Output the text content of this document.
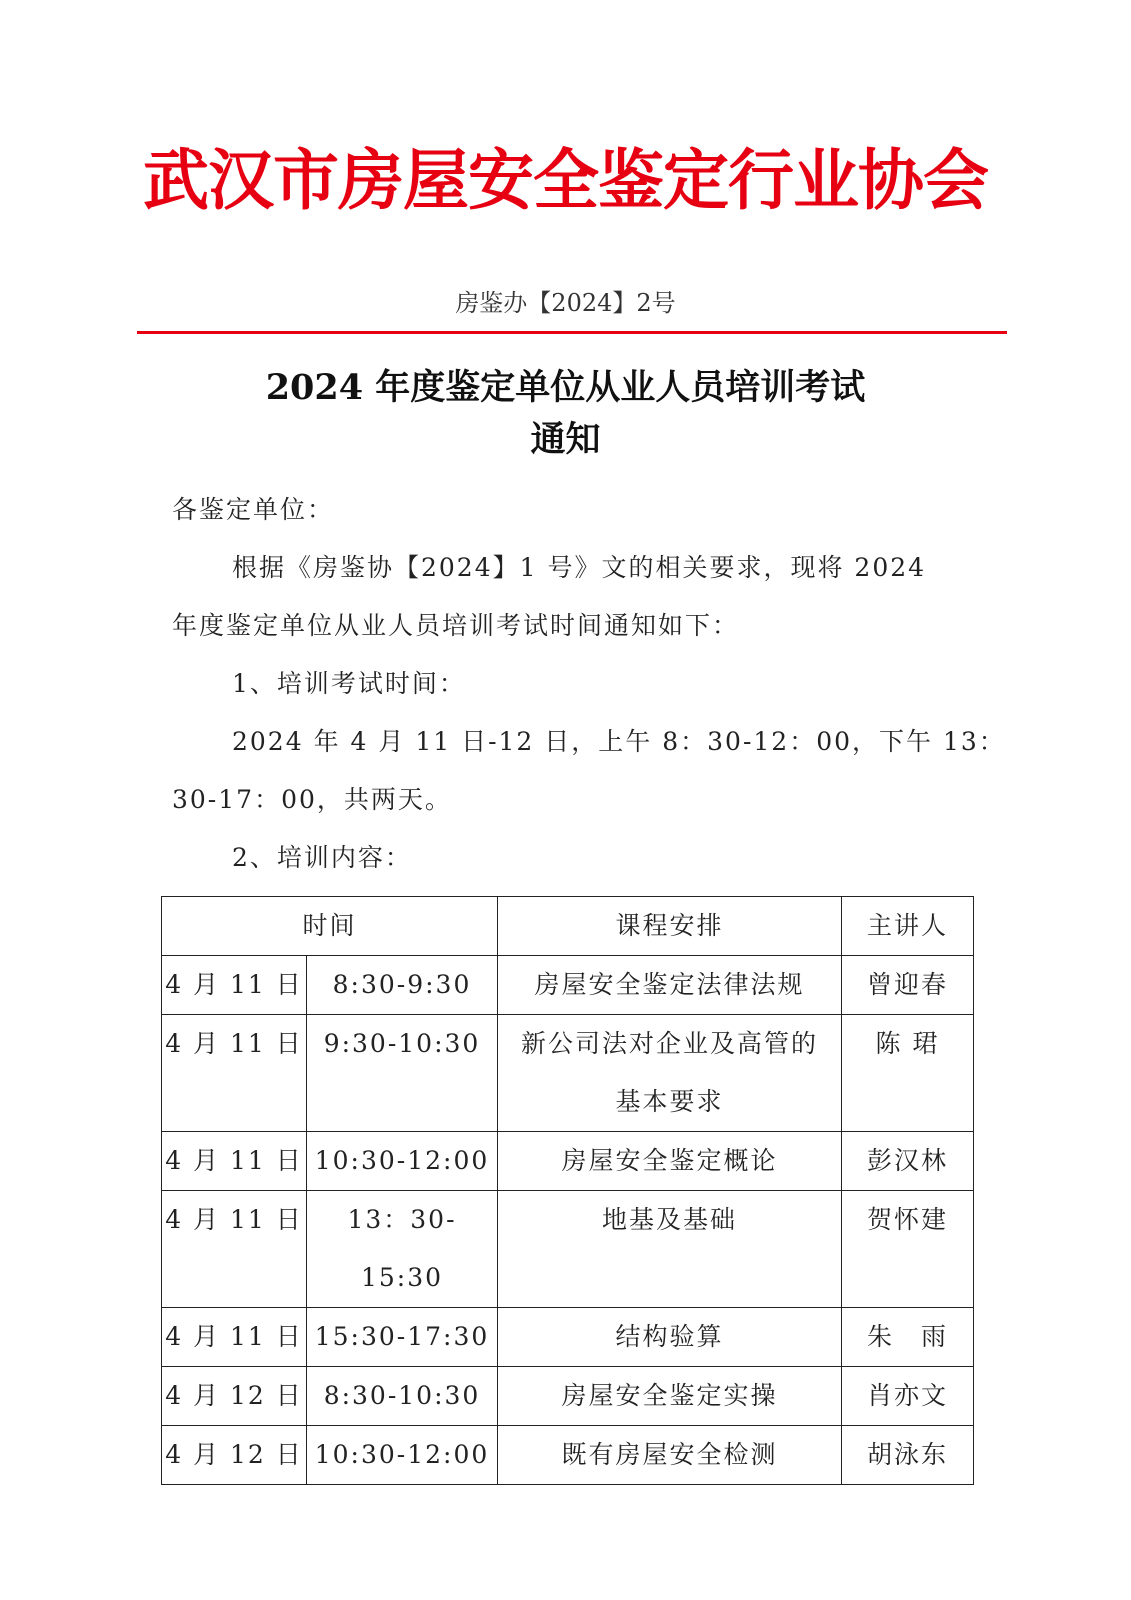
武汉市房屋安全鉴定行业协会
房鉴办【2024】2号
2024 年度鉴定单位从业人员培训考试
通知
各鉴定单位：
根据《房鉴协【2024】1 号》文的相关要求，现将 2024
年度鉴定单位从业人员培训考试时间通知如下：
1、培训考试时间：
2024 年 4 月 11 日-12 日，上午 8：30-12：00，下午 13：
30-17：00，共两天。
2、培训内容：
时间		课程安排	主讲人
4 月 11 日	8:30-9:30	房屋安全鉴定法律法规	曾迎春
4 月 11 日	9:30-10:30	新公司法对企业及高管的基本要求	陈 珺
4 月 11 日	10:30-12:00	房屋安全鉴定概论	彭汉林
4 月 11 日	13：30-15:30	地基及基础	贺怀建
4 月 11 日	15:30-17:30	结构验算	朱　雨
4 月 12 日	8:30-10:30	房屋安全鉴定实操	肖亦文
4 月 12 日	10:30-12:00	既有房屋安全检测	胡泳东
